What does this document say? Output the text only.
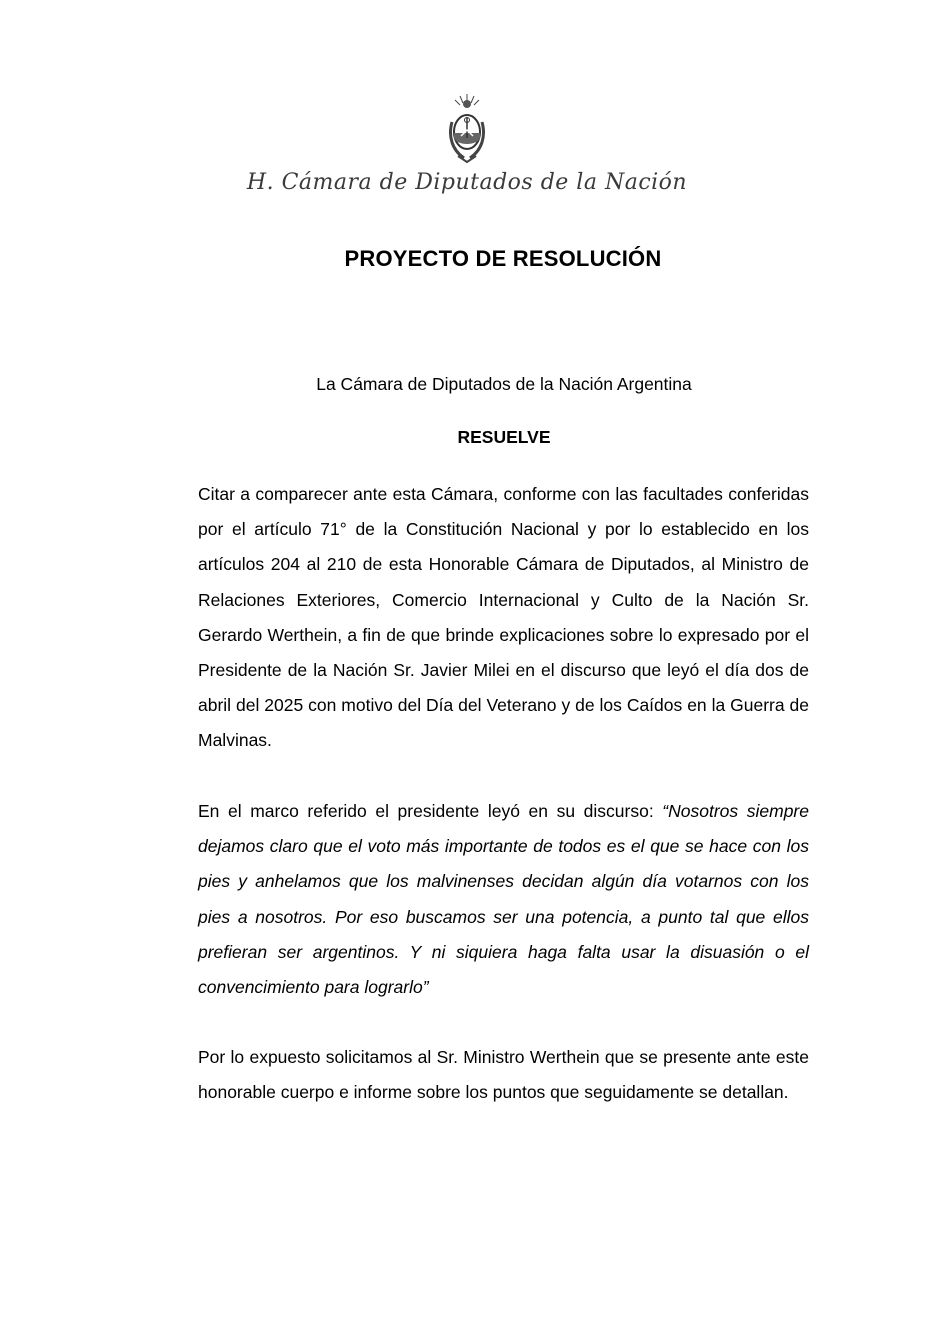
H. Cámara de Diputados de la Nación
PROYECTO DE RESOLUCIÓN
La Cámara de Diputados de la Nación Argentina
RESUELVE

Citar a comparecer ante esta Cámara, conforme con las facultades conferidas por el artículo 71° de la Constitución Nacional y por lo establecido en los artículos 204 al 210 de esta Honorable Cámara de Diputados, al Ministro de Relaciones Exteriores, Comercio Internacional y Culto de la Nación Sr. Gerardo Werthein, a fin de que brinde explicaciones sobre lo expresado por el Presidente de la Nación Sr. Javier Milei en el discurso que leyó el día dos de abril del 2025 con motivo del Día del Veterano y de los Caídos en la Guerra de Malvinas.

En el marco referido el presidente leyó en su discurso: “Nosotros siempre dejamos claro que el voto más importante de todos es el que se hace con los pies y anhelamos que los malvinenses decidan algún día votarnos con los pies a nosotros. Por eso buscamos ser una potencia, a punto tal que ellos prefieran ser argentinos. Y ni siquiera haga falta usar la disuasión o el convencimiento para lograrlo”

Por lo expuesto solicitamos al Sr. Ministro Werthein que se presente ante este honorable cuerpo e informe sobre los puntos que seguidamente se detallan.
